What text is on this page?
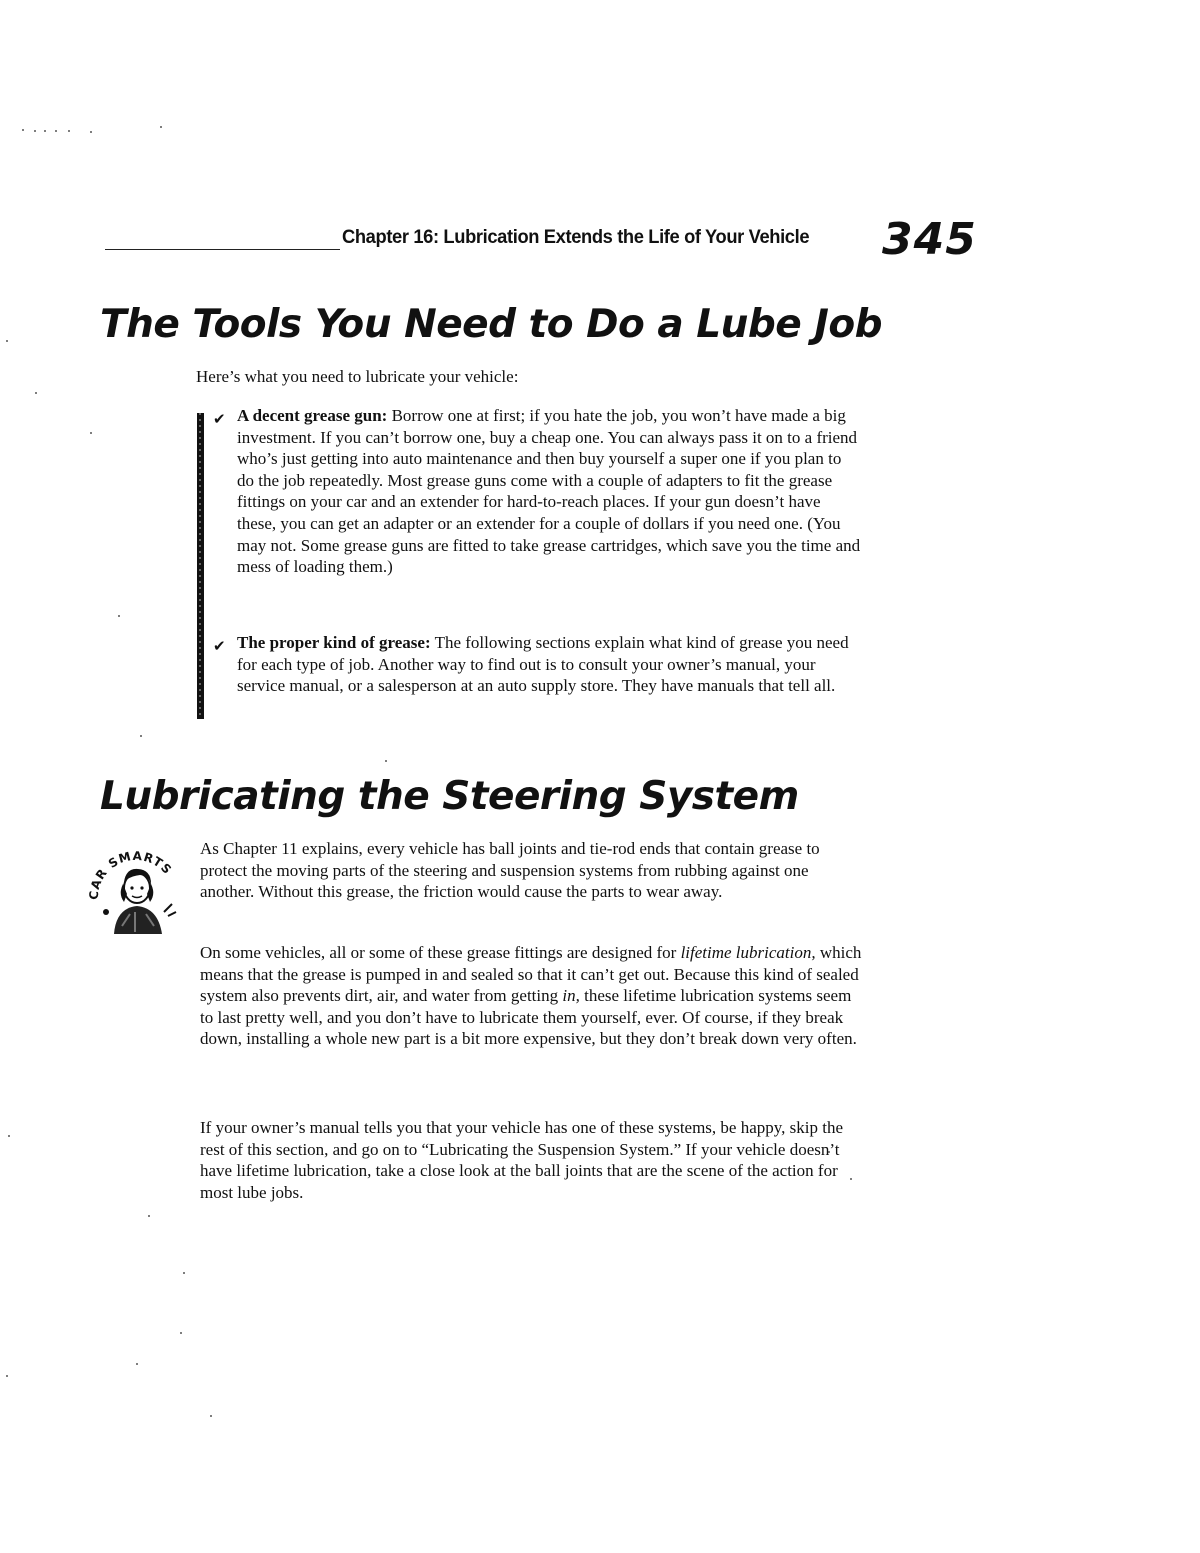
Chapter 16: Lubrication Extends the Life of Your Vehicle 345
The Tools You Need to Do a Lube Job
Here’s what you need to lubricate your vehicle:
✔ A decent grease gun: Borrow one at first; if you hate the job, you won’t have made a big investment. If you can’t borrow one, buy a cheap one. You can always pass it on to a friend who’s just getting into auto maintenance and then buy yourself a super one if you plan to do the job repeatedly. Most grease guns come with a couple of adapters to fit the grease fittings on your car and an extender for hard-to-reach places. If your gun doesn’t have these, you can get an adapter or an extender for a couple of dollars if you need one. (You may not. Some grease guns are fitted to take grease cartridges, which save you the time and mess of loading them.)
✔ The proper kind of grease: The following sections explain what kind of grease you need for each type of job. Another way to find out is to consult your owner’s manual, your service manual, or a salesperson at an auto supply store. They have manuals that tell all.
Lubricating the Steering System
CAR SMARTS
As Chapter 11 explains, every vehicle has ball joints and tie-rod ends that contain grease to protect the moving parts of the steering and suspension systems from rubbing against one another. Without this grease, the friction would cause the parts to wear away.
On some vehicles, all or some of these grease fittings are designed for lifetime lubrication, which means that the grease is pumped in and sealed so that it can’t get out. Because this kind of sealed system also prevents dirt, air, and water from getting in, these lifetime lubrication systems seem to last pretty well, and you don’t have to lubricate them yourself, ever. Of course, if they break down, installing a whole new part is a bit more expensive, but they don’t break down very often.
If your owner’s manual tells you that your vehicle has one of these systems, be happy, skip the rest of this section, and go on to “Lubricating the Suspension System.” If your vehicle doesn’t have lifetime lubrication, take a close look at the ball joints that are the scene of the action for most lube jobs.
